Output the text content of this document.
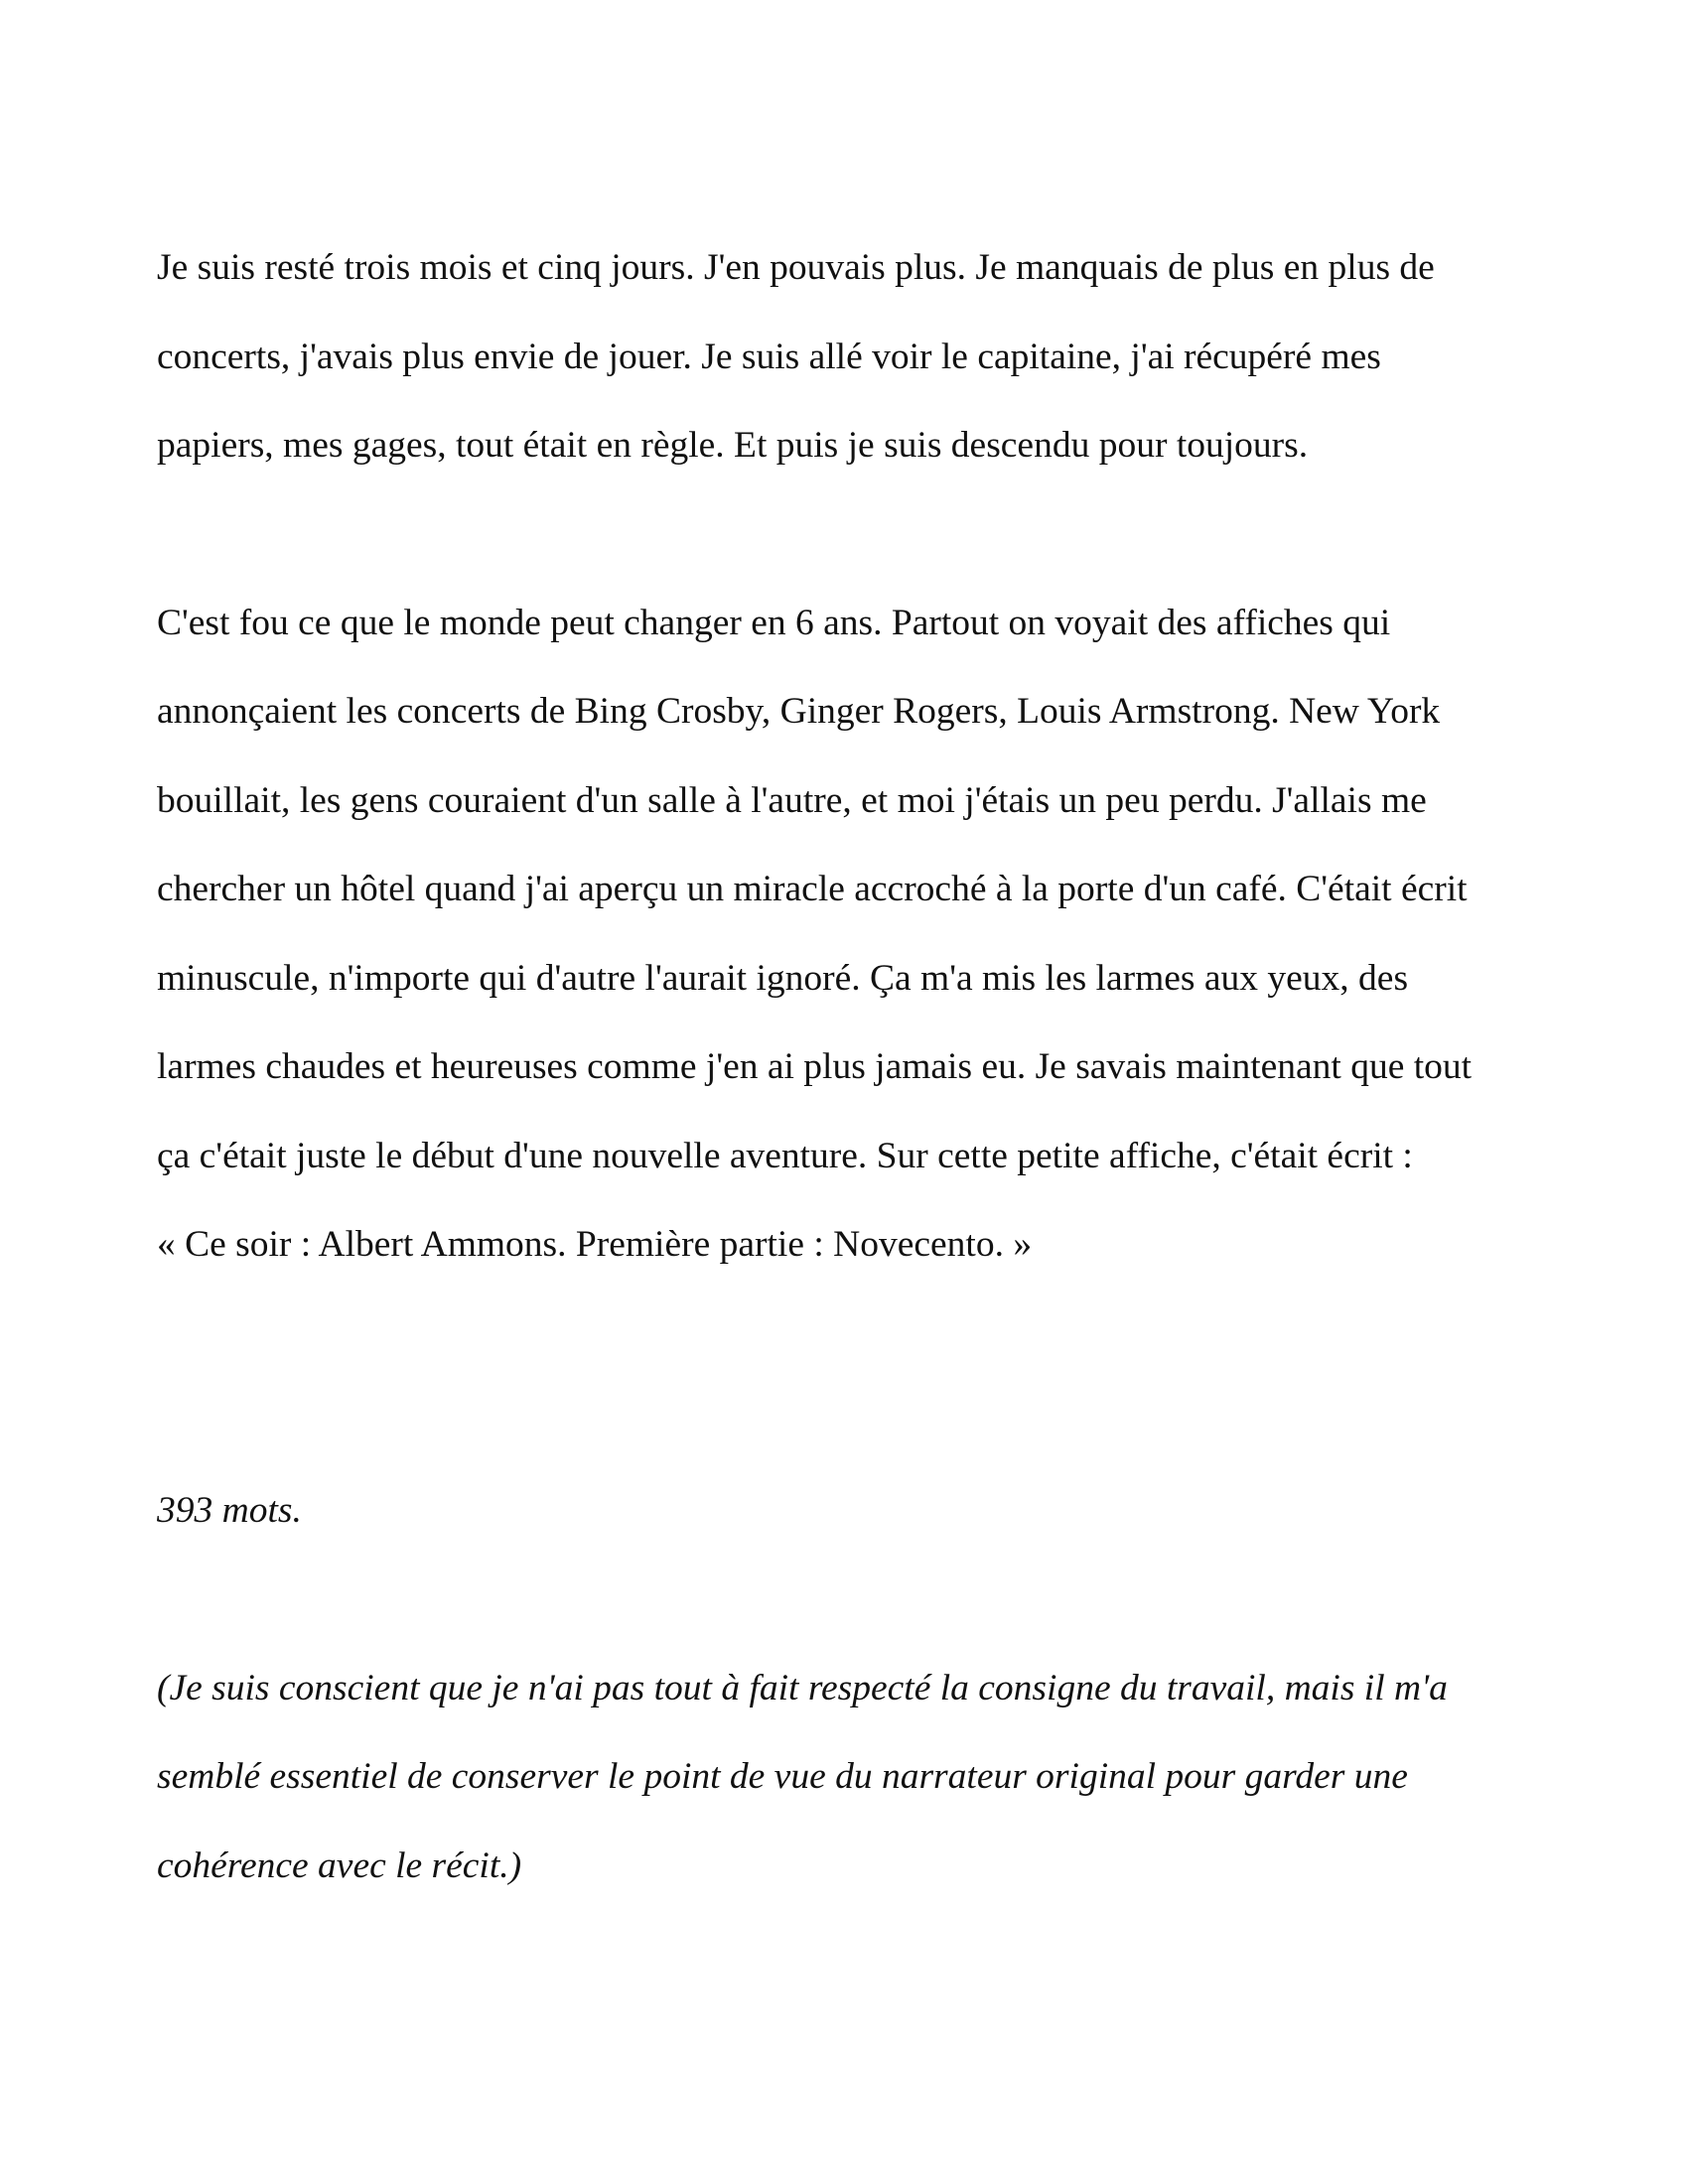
Je suis resté trois mois et cinq jours. J'en pouvais plus. Je manquais de plus en plus de

concerts, j'avais plus envie de jouer. Je suis allé voir le capitaine, j'ai récupéré mes

papiers, mes gages, tout était en règle. Et puis je suis descendu pour toujours.

C'est fou ce que le monde peut changer en 6 ans. Partout on voyait des affiches qui

annonçaient les concerts de Bing Crosby, Ginger Rogers, Louis Armstrong. New York

bouillait, les gens couraient d'un salle à l'autre, et moi j'étais un peu perdu. J'allais me

chercher un hôtel quand j'ai aperçu un miracle accroché à la porte d'un café. C'était écrit

minuscule, n'importe qui d'autre l'aurait ignoré. Ça m'a mis les larmes aux yeux, des

larmes chaudes et heureuses comme j'en ai plus jamais eu. Je savais maintenant que tout

ça c'était juste le début d'une nouvelle aventure. Sur cette petite affiche, c'était écrit :

« Ce soir : Albert Ammons. Première partie : Novecento. »

393 mots.

(Je suis conscient que je n'ai pas tout à fait respecté la consigne du travail, mais il m'a

semblé essentiel de conserver le point de vue du narrateur original pour garder une

cohérence avec le récit.)
